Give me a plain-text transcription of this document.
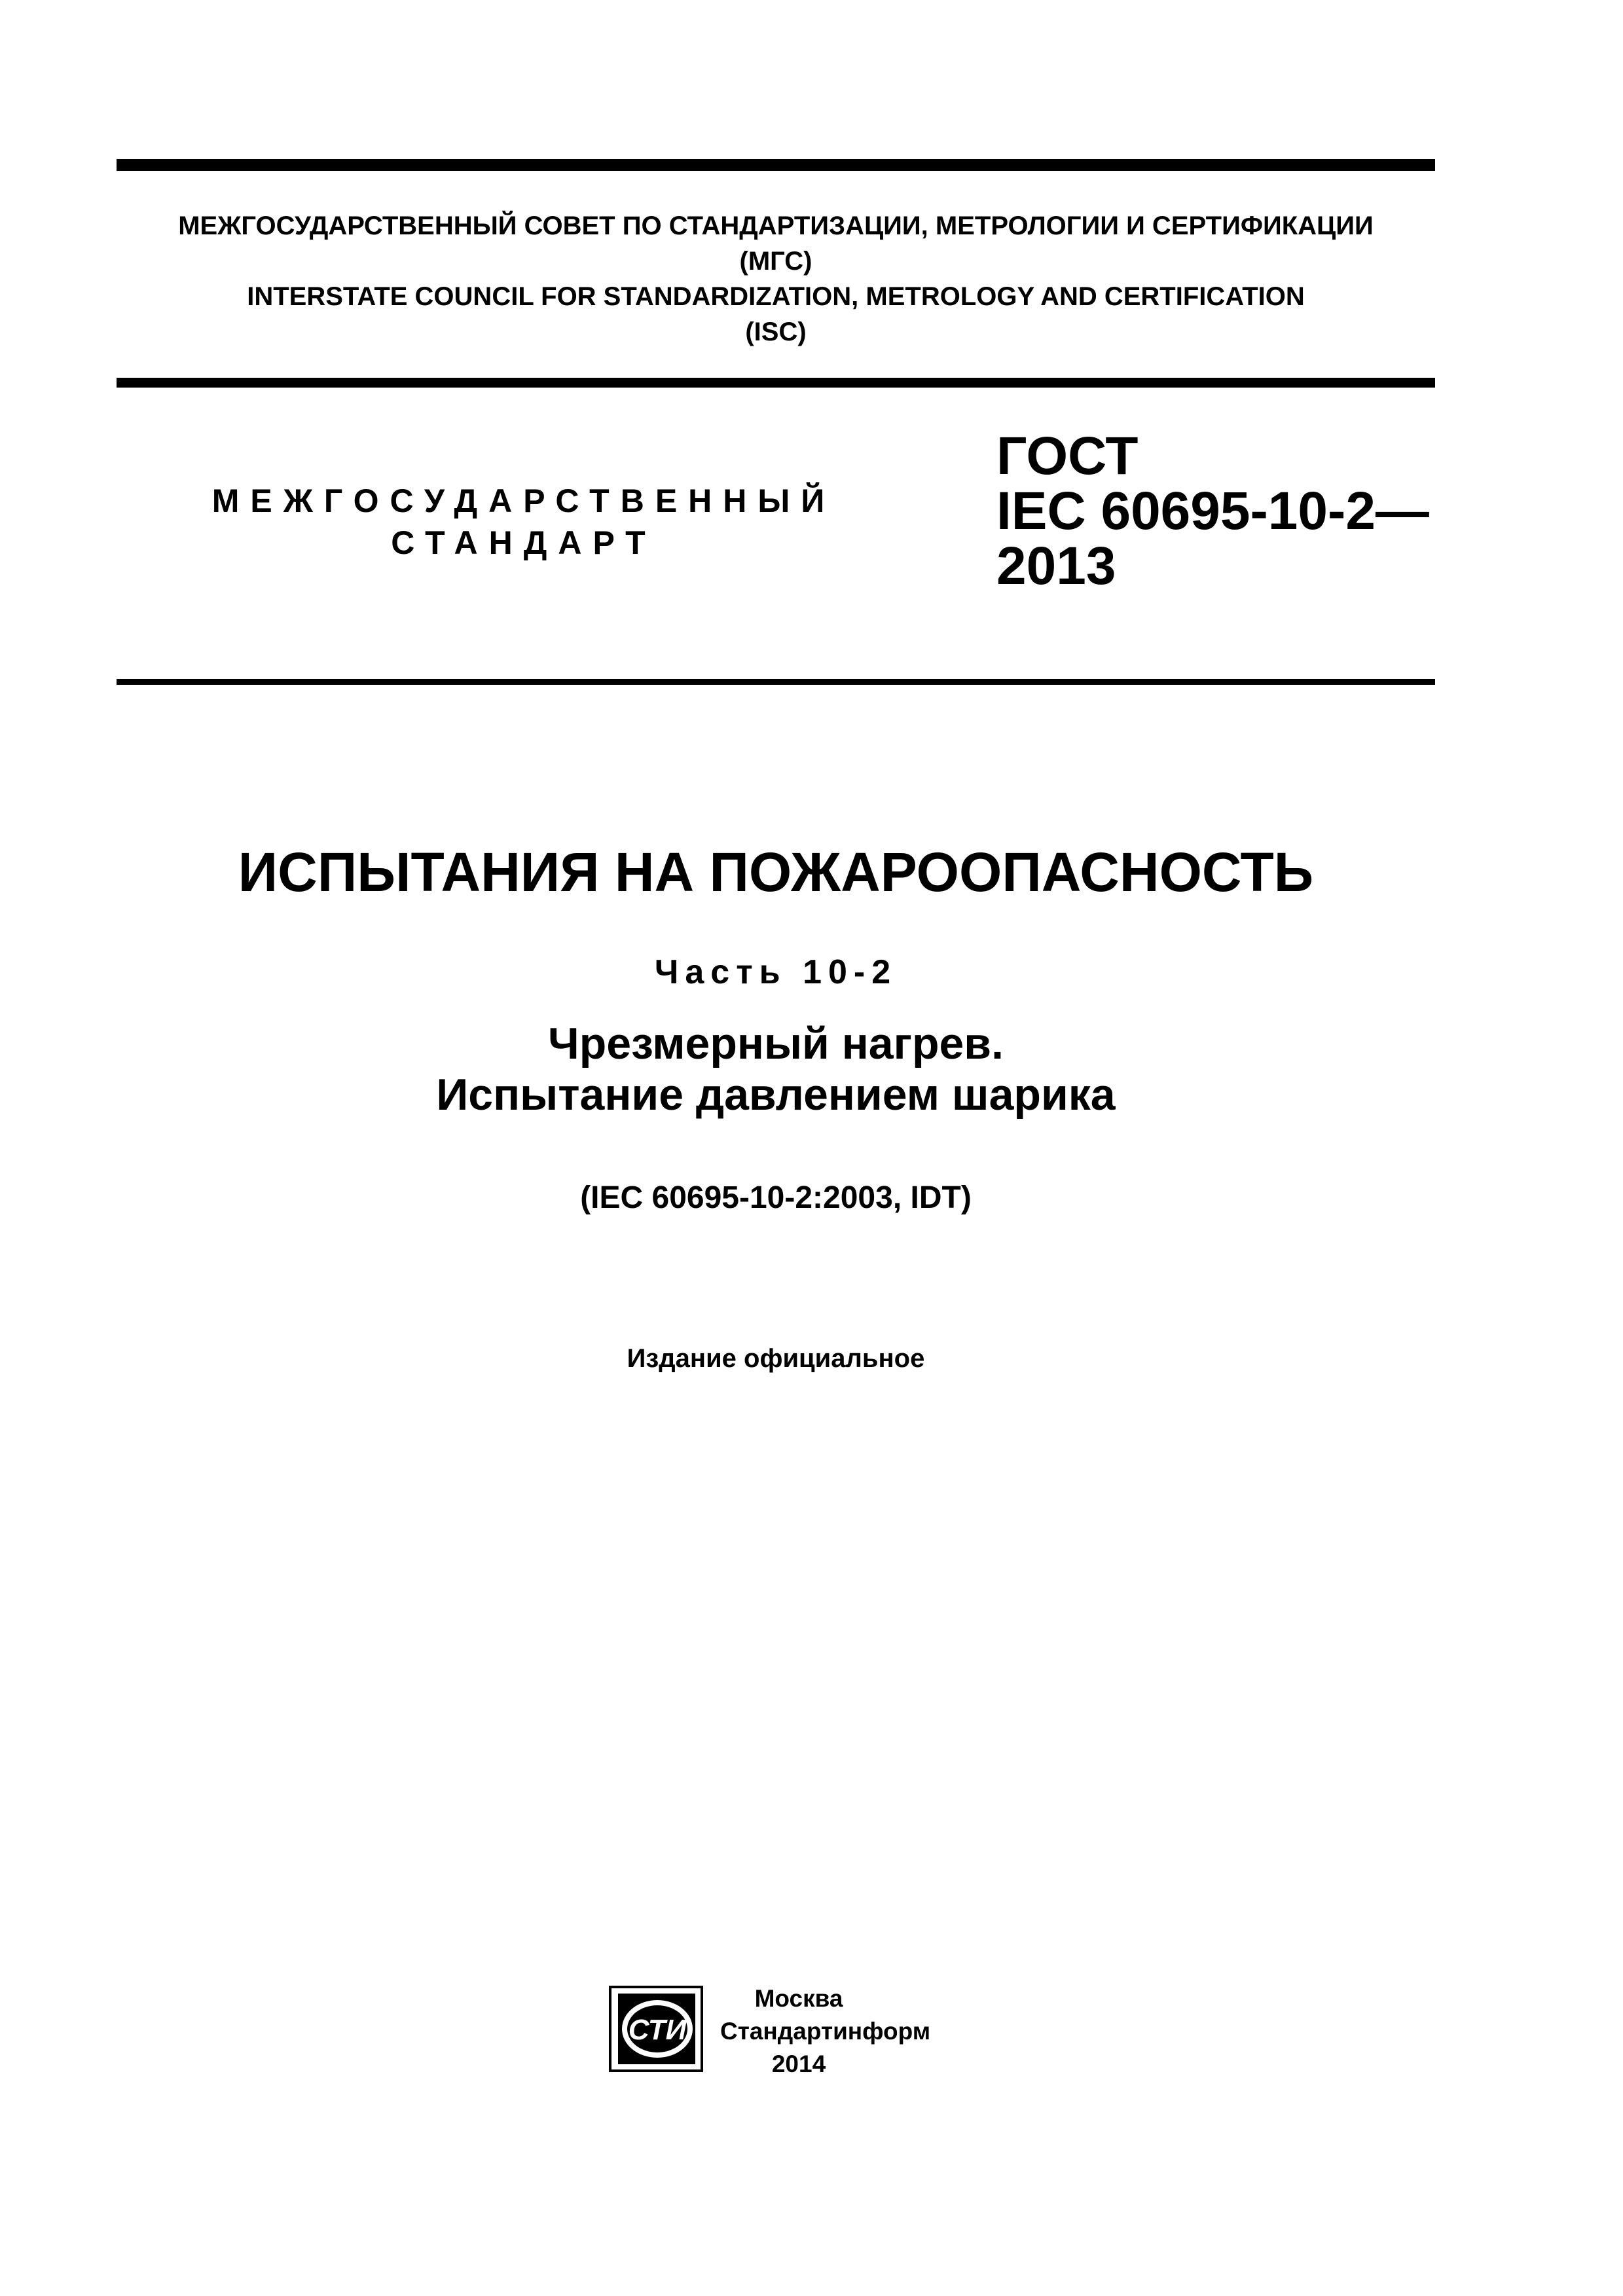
МЕЖГОСУДАРСТВЕННЫЙ СОВЕТ ПО СТАНДАРТИЗАЦИИ, МЕТРОЛОГИИ И СЕРТИФИКАЦИИ
(МГС)
INTERSTATE COUNCIL FOR STANDARDIZATION, METROLOGY AND CERTIFICATION
(ISC)
МЕЖГОСУДАРСТВЕННЫЙ
СТАНДАРТ
ГОСТ
IEC 60695-10-2—
2013
ИСПЫТАНИЯ НА ПОЖАРООПАСНОСТЬ
Часть 10-2
Чрезмерный нагрев.
Испытание давлением шарика
(IEC 60695-10-2:2003, IDT)
Издание официальное
СТИ
Москва
Стандартинформ
2014
